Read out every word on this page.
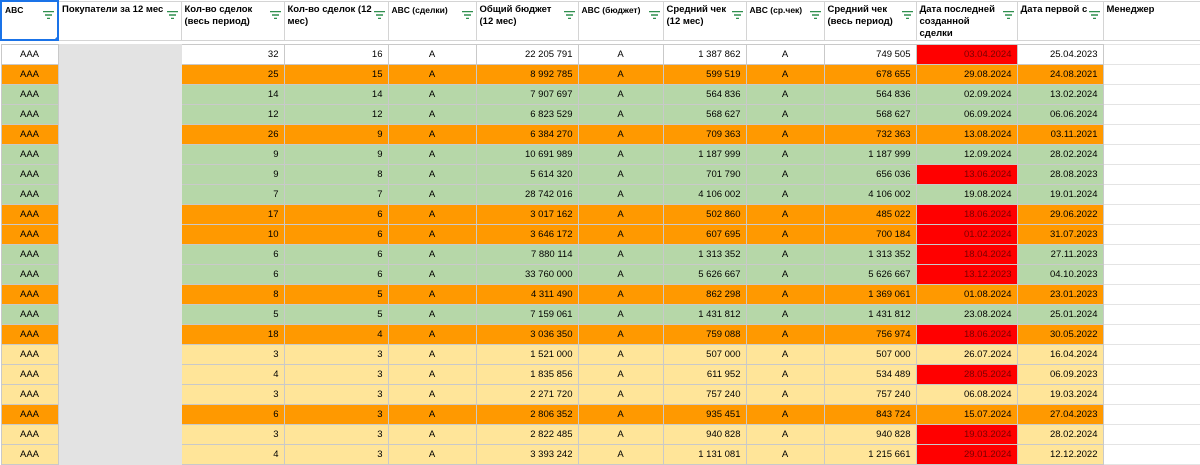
ABC	Покупатели за 12 мес	Кол-во сделок (весь период)	Кол-во сделок (12 мес)	ABC (сделки)	Общий бюджет (12 мес)	ABC (бюджет)	Средний чек (12 мес)	ABC (ср.чек)	Средний чек (весь период)	Дата последней созданной сделки	Дата первой с	Менеджер

AAA		32	16	A	22 205 791	A	1 387 862	A	749 505	03.04.2024	25.04.2023	
AAA		25	15	A	8 992 785	A	599 519	A	678 655	29.08.2024	24.08.2021	
AAA		14	14	A	7 907 697	A	564 836	A	564 836	02.09.2024	13.02.2024	
AAA		12	12	A	6 823 529	A	568 627	A	568 627	06.09.2024	06.06.2024	
AAA		26	9	A	6 384 270	A	709 363	A	732 363	13.08.2024	03.11.2021	
AAA		9	9	A	10 691 989	A	1 187 999	A	1 187 999	12.09.2024	28.02.2024	
AAA		9	8	A	5 614 320	A	701 790	A	656 036	13.06.2024	28.08.2023	
AAA		7	7	A	28 742 016	A	4 106 002	A	4 106 002	19.08.2024	19.01.2024	
AAA		17	6	A	3 017 162	A	502 860	A	485 022	18.06.2024	29.06.2022	
AAA		10	6	A	3 646 172	A	607 695	A	700 184	01.02.2024	31.07.2023	
AAA		6	6	A	7 880 114	A	1 313 352	A	1 313 352	18.04.2024	27.11.2023	
AAA		6	6	A	33 760 000	A	5 626 667	A	5 626 667	13.12.2023	04.10.2023	
AAA		8	5	A	4 311 490	A	862 298	A	1 369 061	01.08.2024	23.01.2023	
AAA		5	5	A	7 159 061	A	1 431 812	A	1 431 812	23.08.2024	25.01.2024	
AAA		18	4	A	3 036 350	A	759 088	A	756 974	18.06.2024	30.05.2022	
AAA		3	3	A	1 521 000	A	507 000	A	507 000	26.07.2024	16.04.2024	
AAA		4	3	A	1 835 856	A	611 952	A	534 489	28.05.2024	06.09.2023	
AAA		3	3	A	2 271 720	A	757 240	A	757 240	06.08.2024	19.03.2024	
AAA		6	3	A	2 806 352	A	935 451	A	843 724	15.07.2024	27.04.2023	
AAA		3	3	A	2 822 485	A	940 828	A	940 828	19.03.2024	28.02.2024	
AAA		4	3	A	3 393 242	A	1 131 081	A	1 215 661	29.01.2024	12.12.2022	
